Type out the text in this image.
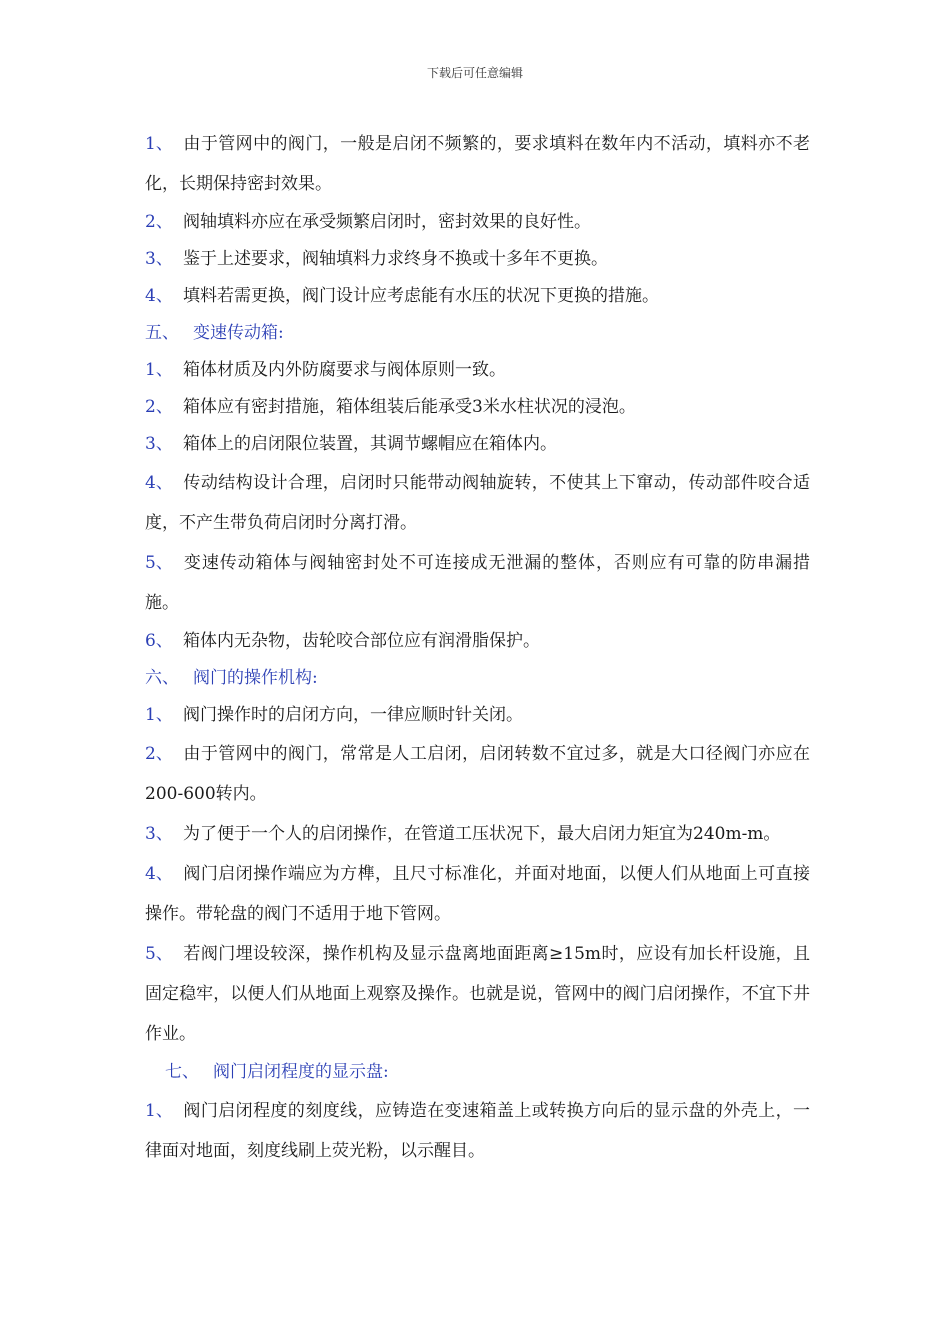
下载后可任意编辑

1、 由于管网中的阀门，一般是启闭不频繁的，要求填料在数年内不活动，填料亦不老化，长期保持密封效果。

2、 阀轴填料亦应在承受频繁启闭时，密封效果的良好性。

3、 鉴于上述要求，阀轴填料力求终身不换或十多年不更换。

4、 填料若需更换，阀门设计应考虑能有水压的状况下更换的措施。

五、 变速传动箱:

1、 箱体材质及内外防腐要求与阀体原则一致。

2、 箱体应有密封措施，箱体组装后能承受3米水柱状况的浸泡。

3、 箱体上的启闭限位装置，其调节螺帽应在箱体内。

4、 传动结构设计合理，启闭时只能带动阀轴旋转，不使其上下窜动，传动部件咬合适度，不产生带负荷启闭时分离打滑。

5、 变速传动箱体与阀轴密封处不可连接成无泄漏的整体，否则应有可靠的防串漏措施。

6、 箱体内无杂物，齿轮咬合部位应有润滑脂保护。

六、 阀门的操作机构:

1、 阀门操作时的启闭方向，一律应顺时针关闭。

2、 由于管网中的阀门，常常是人工启闭，启闭转数不宜过多，就是大口径阀门亦应在200-600转内。

3、 为了便于一个人的启闭操作，在管道工压状况下，最大启闭力矩宜为240m-m。

4、 阀门启闭操作端应为方榫，且尺寸标准化，并面对地面，以便人们从地面上可直接操作。带轮盘的阀门不适用于地下管网。

5、 若阀门埋设较深，操作机构及显示盘离地面距离≥15m时，应设有加长杆设施，且固定稳牢，以便人们从地面上观察及操作。也就是说，管网中的阀门启闭操作，不宜下井作业。

七、 阀门启闭程度的显示盘:

1、 阀门启闭程度的刻度线，应铸造在变速箱盖上或转换方向后的显示盘的外壳上，一律面对地面，刻度线刷上荧光粉，以示醒目。
